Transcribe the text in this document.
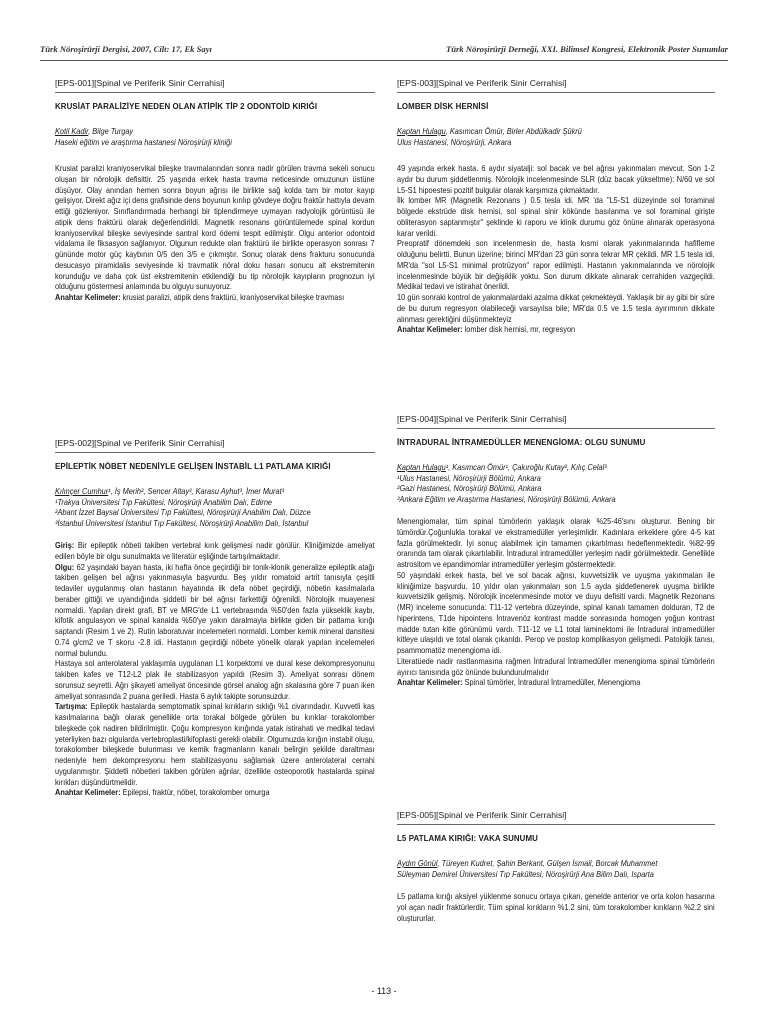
Türk Nöroşirürji Dergisi, 2007, Cilt: 17, Ek Sayı	Türk Nöroşirürji Derneği, XXI. Bilimsel Kongresi, Elektronik Poster Sunumlar
[EPS-001][Spinal ve Periferik Sinir Cerrahisi]
KRUSİAT PARALİZİYE NEDEN OLAN ATİPİK TİP 2 ODONTOİD KIRIĞI
Kotil Kadir, Bilge Turgay
Haseki eğitim ve araştırma hastanesi Nöroşirürji kliniği

Krusiat paralizi kraniyoservikal bileşke travmalarından sonra nadir görülen travma sekeli sonucu oluşan bir nörolojik defisittir. 25 yaşında erkek hasta travma neticesinde omuzunun üstüne düşüyor. Olay anından hemen sonra boyun ağrısı ile birlikte sağ kolda tam bir motor kayıp gelişiyor. Direkt ağız içi dens grafisinde dens boyunun kırılıp gövdeye doğru fraktür hattıyla devam ettiği gözleniyor. Sınıflandırmada herhangi bir tiplendirmeye uymayan radyolojik görüntüsü ile atipik dens fraktürü olarak değerlendirildi. Magnetik resonans görüntülemede spinal kordun kraniyoservikal bileşke seviyesinde santral kord ödemi tespit edilmiştir. Olgu anterior odontoid vidalama ile fiksasyon sağlanıyor. Olgunun redukte olan fraktürü ile birlikte operasyon sonrası 7 gününde motor güç kaybının 0/5 den 3/5 e çıkmıştır. Sonuç olarak dens frakturu sonucunda desucasyo piramidalis seviyesinde ki travmatik nöral doku hasarı sonucu alt ekstremitenin korunduğu ve daha çok üst ekstremitenin etkilendiği bu tip nörolojik kayıpların prognozun iyi olduğunu göstermesi anlamında bu olguyu sunuyoruz.

Anahtar Kelimeler: krusiat paralizi, atipik dens fraktürü, kraniyoservikal bileşke travması

[EPS-002][Spinal ve Periferik Sinir Cerrahisi]
EPİLEPTİK NÖBET NEDENİYLE GELİŞEN İNSTABİL L1 PATLAMA KIRIĞI
Kılınçer Cumhur¹, İş Merih², Sencer Altay³, Karasu Ayhut³, İmer Murat³
¹Trakya Üniversitesi Tıp Fakültesi, Nöroşirürji Anabilim Dalı, Edirne
²Abant İzzet Baysal Üniversitesi Tıp Fakültesi, Nöroşirürji Anabilim Dalı, Düzce
³İstanbul Üniversitesi İstanbul Tıp Fakültesi, Nöroşirürji Anabilim Dalı, İstanbul

Giriş: Bir epileptik nöbeti takiben vertebral kırık gelişmesi nadir görülür. Kliniğimizde ameliyat edilen böyle bir olgu sunulmakta ve literatür eşliğinde tartışılmaktadır.

Olgu: 62 yaşındaki bayan hasta, iki hafta önce geçirdiği bir tonik-klonik generalize epileptik atağı takiben gelişen bel ağrısı yakınmasıyla başvurdu. Beş yıldır romatoid artrit tanısıyla çeşitli tedaviler uygulanmış olan hastanın hayatında ilk defa nöbet geçirdiği, nöbetin kasılmalarla beraber gittiği ve uyandığında şiddetli bir bel ağrısı farkettiği öğrenildi. Nörolojik muayenesi normaldi. Yapılan direkt grafi, BT ve MRG'de L1 vertebrasında %50'den fazla yükseklik kaybı, kifotik angulasyon ve spinal kanalda %50'ye yakın daralmayla birlikte giden bir patlama kırığı saptandı (Resim 1 ve 2). Rutin laboratuvar incelemeleri normaldi. Lomber kemik mineral dansitesi 0.74 g/cm2 ve T skoru -2.8 idi. Hastanın geçirdiği nöbete yönelik olarak yapılan incelemeleri normal bulundu.

Hastaya sol anterolateral yaklaşımla uygulanan L1 korpektomi ve dural kese dekompresyonunu takiben kafes ve T12-L2 plak ile stabilizasyon yapıldı (Resim 3). Ameliyat sonrası dönem sorunsuz seyretti. Ağrı şikayeti ameliyat öncesinde görsel analog ağrı skalasına göre 7 puan iken ameliyat sonrasında 2 puana geriledi. Hasta 6 aylık takipte sorunsuzdur.

Tartışma: Epileptik hastalarda semptomatik spinal kırıkların sıklığı %1 civarındadır. Kuvvetli kas kasılmalarına bağlı olarak genellikle orta torakal bölgede görülen bu kırıklar torakolomber bileşkede çok nadiren bildirilmiştir. Çoğu kompresyon kırığında yatak istirahati ve medikal tedavi yeterliyken bazı olgularda vertebroplasti/kifoplasti gerekli olabilir. Olgumuzda kırığın instabil oluşu, torakolomber bileşkede bulunması ve kemik fragmanların kanalı belirgin şekilde daraltması nedeniyle hem dekompresyonu hem stabilizasyonu sağlamak üzere anterolateral cerrahi uygulanmıştır. Şiddetli nöbetleri takiben görülen ağrılar, özellikle osteoporotik hastalarda spinal kırıkları düşündürtmelidir.

Anahtar Kelimeler: Epilepsi, fraktür, nöbet, torakolomber omurga

[EPS-003][Spinal ve Periferik Sinir Cerrahisi]
LOMBER DİSK HERNİSİ
Kaptan Hulagu, Kasımcan Ömür, Birler Abdülkadir Şükrü
Ulus Hastanesi, Nöroşirürji, Ankara

49 yaşında erkek hasta. 6 aydır siyatalji: sol bacak ve bel ağrısı yakınmaları mevcut. Son 1-2 aydır bu durum şiddetlenmiş. Nörolojik incelenmesinde SLR (düz bacak yükseltme): N/60 ve sol L5-S1 hipoestesi pozitif bulgular olarak karşımıza çıkmaktadır.

İlk lomber MR (Magnetik Rezonans ) 0.5 tesla idi. MR 'da "L5-S1 düzeyinde sol foraminal bölgede ekstrüde disk hernisi, sol spinal sinir kökünde basılanma ve sol foraminal girişte obliterasyon saptanmıştır" şeklinde ki raporu ve klinik durumu göz önüne alınarak operasyona karar verildi.

Preopratif dönemdeki son incelenmesin de, hasta kısmi olarak yakınmalarında hafifleme olduğunu belirtti. Bunun üzerine; birinci MR'dan 23 gün sonra tekrar MR çekildi. MR 1.5 tesla idi. MR'da "sol L5-S1 minimal protrüzyon" rapor edilmişti. Hastanın yakınmalarında ve nörolojik incelenmesinde büyük bir değişiklik yoktu. Son durum dikkate alınarak cerrahiden vazgeçildi. Medikal tedavi ve istirahat önerildi.

10 gün sonraki kontrol de yakınmalardaki azalma dikkat çekmekteydi. Yaklaşık bir ay gibi bir süre de bu durum regresyon olabileceği varsayılsa bile; MR'da 0.5 ve 1.5 tesla ayırımının dikkate alınması gerektiğini düşünmekteyiz

Anahtar Kelimeler: lomber disk hernisi, mr, regresyon

[EPS-004][Spinal ve Periferik Sinir Cerrahisi]
İNTRADURAL İNTRAMEDÜLLER MENENGİOMA: OLGU SUNUMU
Kaptan Hulagu¹, Kasımcan Ömür¹, Çakıroğlu Kutay², Kılıç Celal³
¹Ulus Hastanesi, Nöroşirürji Bölümü, Ankara
²Gazi Hastanesi, Nöroşirürji Bölümü, Ankara
³Ankara Eğitim ve Araştırma Hastanesi, Nöroşirürji Bölümü, Ankara

Menengiomalar, tüm spinal tümörlerin yaklaşık olarak %25-46'sını oluşturur. Bening bir tümördür.Çoğunlukla torakal ve ekstramedüller yerleşimlidir. Kadınlara erkeklere göre 4-5 kat fazla görülmektedir. İyi sonuç alabilmek için tamamen çıkartılması hedeflenmektedir. %82-99 oranında tam olarak çıkartılabilir. İntradural intramedüller yerleşim nadir görülmektedir. Genellikle astrositom ve epandimomlar intramedüller yerleşim göstermektedir.

50 yaşındaki erkek hasta, bel ve sol bacak ağrısı, kuvvetsizlik ve uyuşma yakınmaları ile kliniğimize başvurdu. 10 yıldır olan yakınmaları son 1.5 ayda şiddetlenerek uyuşma birlikte kuvvetsizlik gelişmiş. Nörolojik incelenmesinde motor ve duyu defisiti vardı. Magnetik Rezonans (MR) inceleme sonucunda: T11-12 vertebra düzeyinde, spinal kanalı tamamen dolduran, T2 de hiperintens, T1de hipointens İntravenöz kontrast madde sonrasında homogen yoğun kontrast madde tutan kitle görünümü vardı. T11-12 ve L1 total laminektomi ile İntradural intramedüller kitleye ulaşıldı ve total olarak çıkarıldı. Perop ve postop komplikasyon gelişmedi. Patolojik tanısı, psammomatöz menengioma idi.

Literatüede nadir rastlanmasına rağmen İntradural İntramedüller menengioma spinal tümörlerin ayırıcı tanısında göz önünde bulundurulmalıdır

Anahtar Kelimeler: Spinal tümörler, İntradural İntramedüller, Menengioma

[EPS-005][Spinal ve Periferik Sinir Cerrahisi]
L5 PATLAMA KIRIĞI: VAKA SUNUMU
Aydın Gönül, Türeyen Kudret, Şahin Berkant, Gülşen İsmail, Borcak Muhammet
Süleyman Demirel Üniversitesi Tıp Fakültesi, Nöroşirürji Ana Bilim Dalı, Isparta

L5 patlama kırığı aksiyel yüklenme sonucu ortaya çıkan, genelde anterior ve orta kolon hasarına yol açan nadir fraktürlerdir. Tüm spinal kırıkların %1.2 sini, tüm torakolomber kırıkların %2.2 sini oluştururlar.

- 113 -
